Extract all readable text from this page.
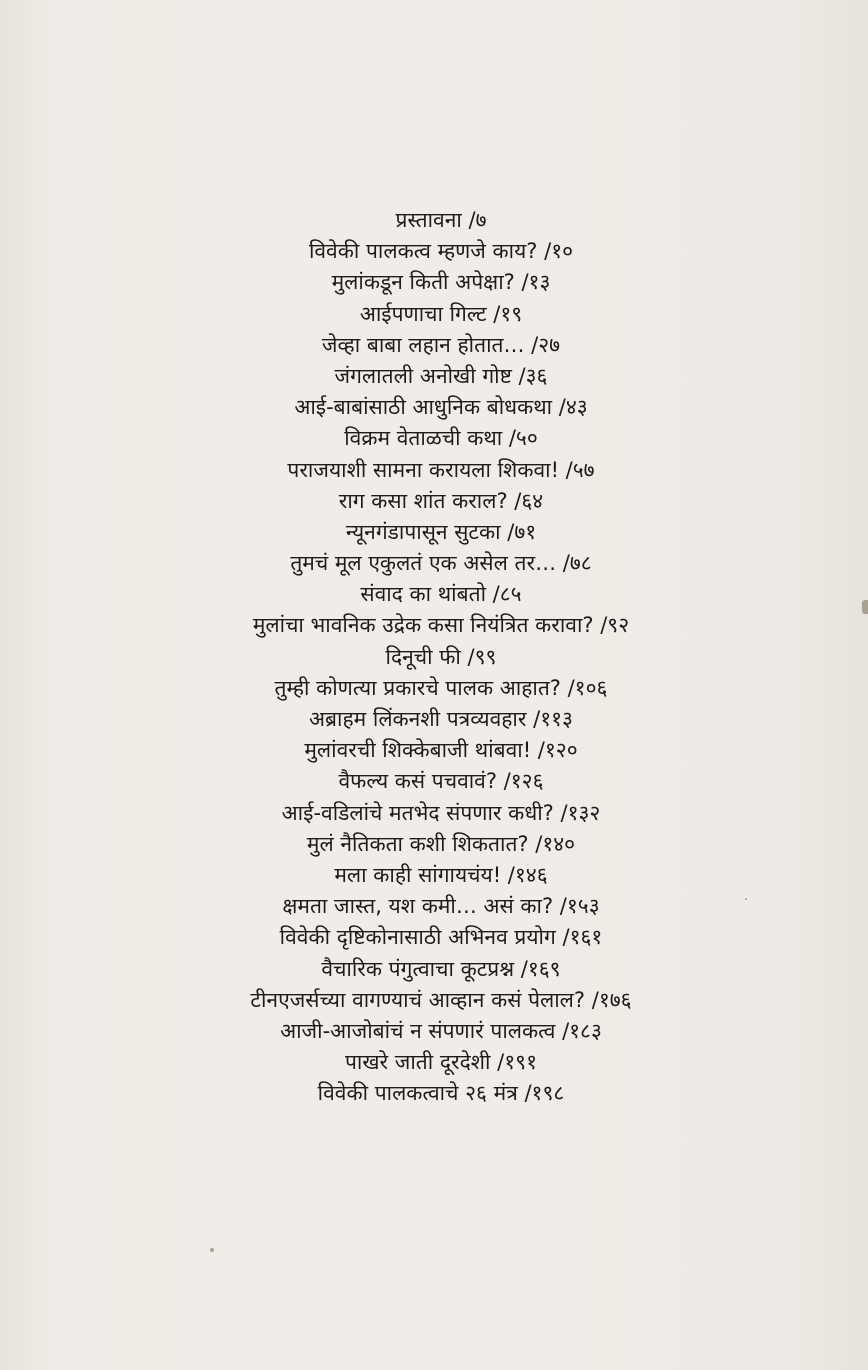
प्रस्तावना /७
विवेकी पालकत्व म्हणजे काय? /१०
मुलांकडून किती अपेक्षा? /१३
आईपणाचा गिल्ट /१९
जेव्हा बाबा लहान होतात… /२७
जंगलातली अनोखी गोष्ट /३६
आई-बाबांसाठी आधुनिक बोधकथा /४३
विक्रम वेताळची कथा /५०
पराजयाशी सामना करायला शिकवा! /५७
राग कसा शांत कराल? /६४
न्यूनगंडापासून सुटका /७१
तुमचं मूल एकुलतं एक असेल तर… /७८
संवाद का थांबतो /८५
मुलांचा भावनिक उद्रेक कसा नियंत्रित करावा? /९२
दिनूची फी /९९
तुम्ही कोणत्या प्रकारचे पालक आहात? /१०६
अब्राहम लिंकनशी पत्रव्यवहार /११३
मुलांवरची शिक्केबाजी थांबवा! /१२०
वैफल्य कसं पचवावं? /१२६
आई-वडिलांचे मतभेद संपणार कधी? /१३२
मुलं नैतिकता कशी शिकतात? /१४०
मला काही सांगायचंय! /१४६
क्षमता जास्त, यश कमी… असं का? /१५३
विवेकी दृष्टिकोनासाठी अभिनव प्रयोग /१६१
वैचारिक पंगुत्वाचा कूटप्रश्न /१६९
टीनएजर्सच्या वागण्याचं आव्हान कसं पेलाल? /१७६
आजी-आजोबांचं न संपणारं पालकत्व /१८३
पाखरे जाती दूरदेशी /१९१
विवेकी पालकत्वाचे २६ मंत्र /१९८
